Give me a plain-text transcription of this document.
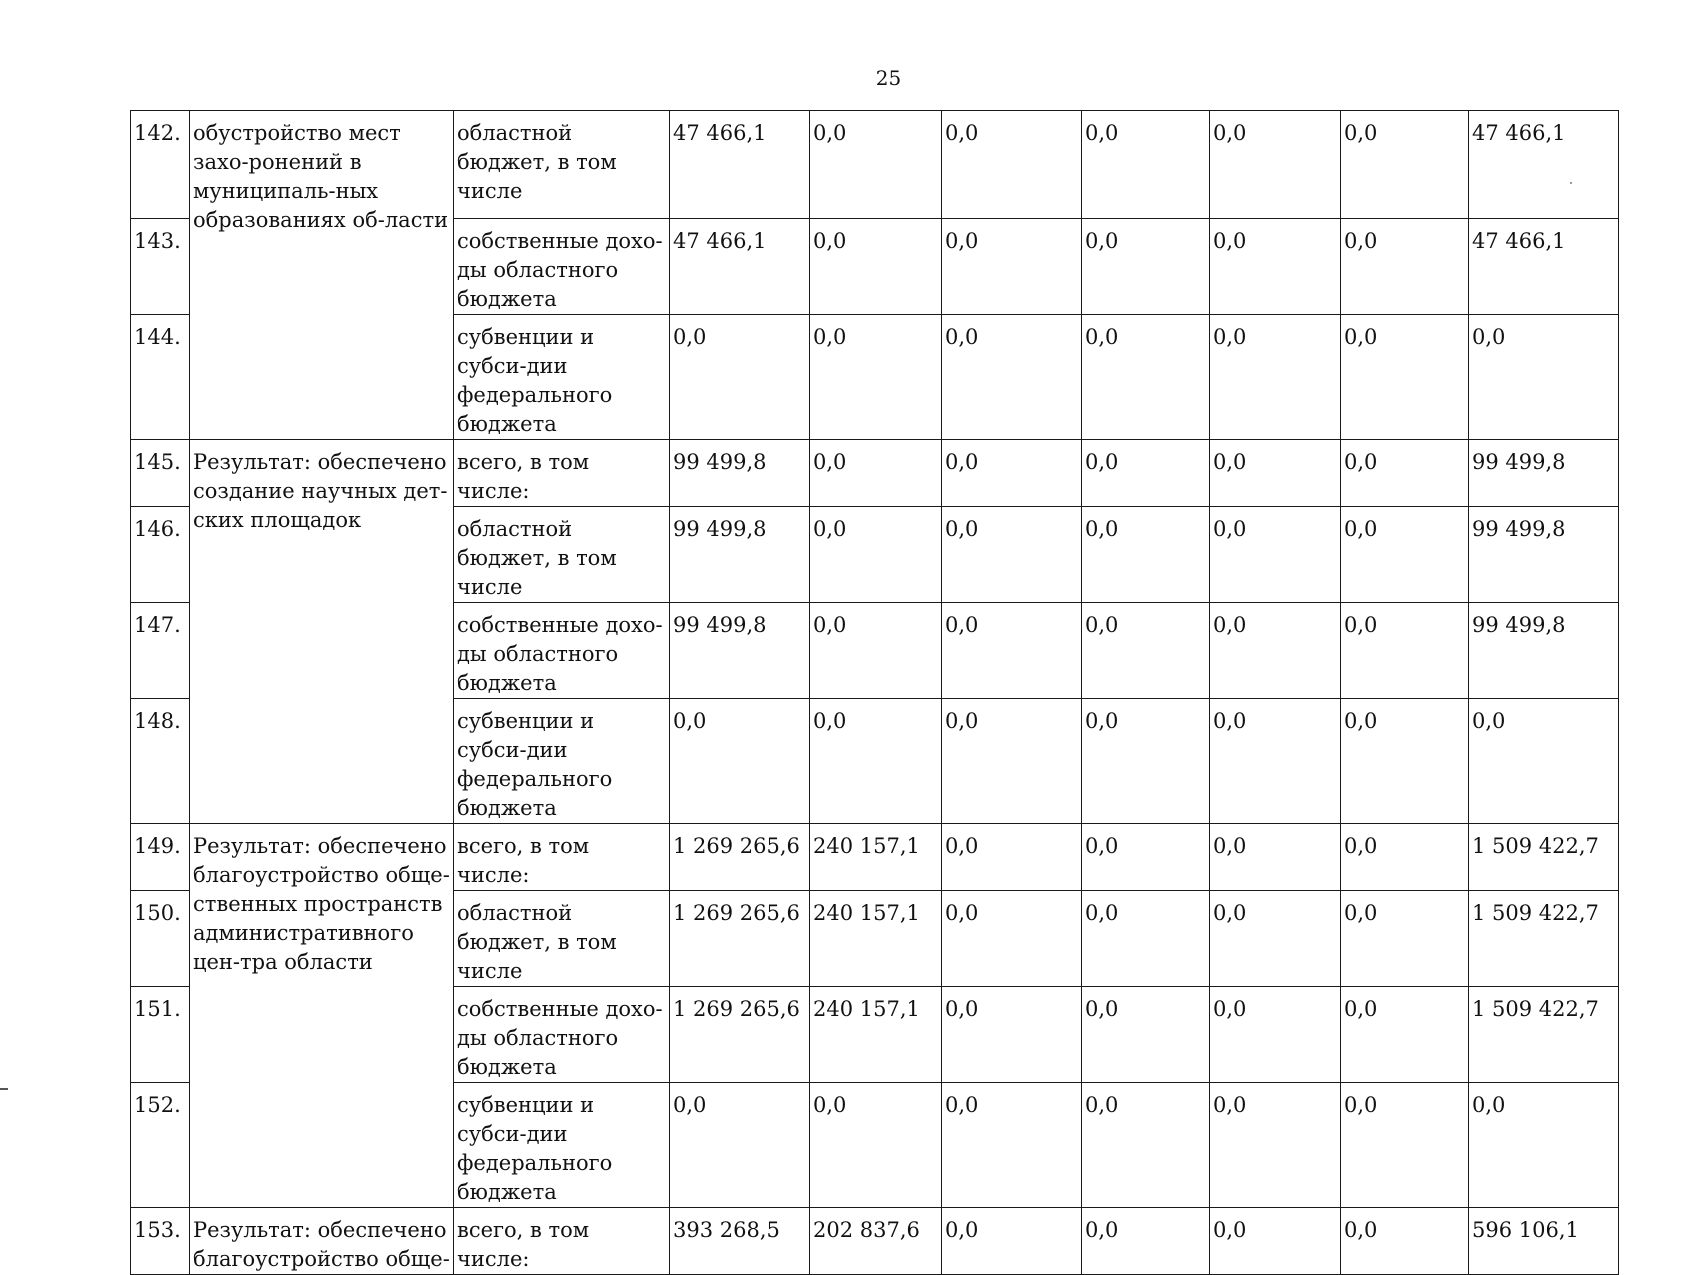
25
142.	обустройство мест захо-ронений в муниципаль-ных образованиях об-ласти	областной бюджет, в том числе	47 466,1	0,0	0,0	0,0	0,0	0,0	47 466,1
143.		собственные дохо-ды областного бюджета	47 466,1	0,0	0,0	0,0	0,0	0,0	47 466,1
144.		субвенции и субси-дии федерального бюджета	0,0	0,0	0,0	0,0	0,0	0,0	0,0
145.	Результат: обеспечено создание научных дет-ских площадок	всего, в том числе:	99 499,8	0,0	0,0	0,0	0,0	0,0	99 499,8
146.		областной бюджет, в том числе	99 499,8	0,0	0,0	0,0	0,0	0,0	99 499,8
147.		собственные дохо-ды областного бюджета	99 499,8	0,0	0,0	0,0	0,0	0,0	99 499,8
148.		субвенции и субси-дии федерального бюджета	0,0	0,0	0,0	0,0	0,0	0,0	0,0
149.	Результат: обеспечено благоустройство обще-ственных пространств административного цен-тра области	всего, в том числе:	1 269 265,6	240 157,1	0,0	0,0	0,0	0,0	1 509 422,7
150.		областной бюджет, в том числе	1 269 265,6	240 157,1	0,0	0,0	0,0	0,0	1 509 422,7
151.		собственные дохо-ды областного бюджета	1 269 265,6	240 157,1	0,0	0,0	0,0	0,0	1 509 422,7
152.		субвенции и субси-дии федерального бюджета	0,0	0,0	0,0	0,0	0,0	0,0	0,0
153.	Результат: обеспечено благоустройство обще-	всего, в том числе:	393 268,5	202 837,6	0,0	0,0	0,0	0,0	596 106,1
